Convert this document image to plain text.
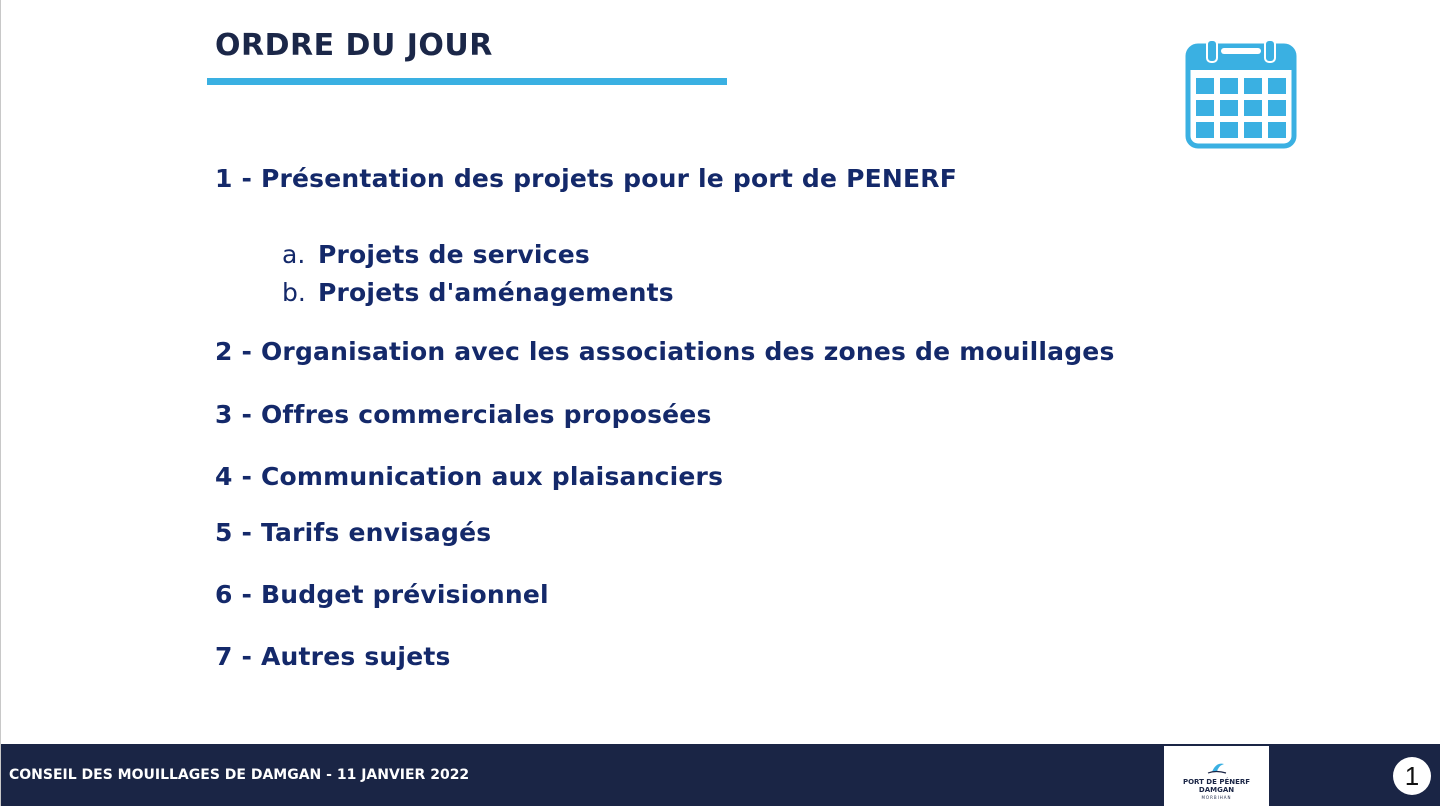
ORDRE DU JOUR
1 - Présentation des projets pour le port de PENERF
a. Projets de services
b. Projets d'aménagements
2 - Organisation avec les associations des zones de mouillages
3 - Offres commerciales proposées
4 - Communication aux plaisanciers
5 - Tarifs envisagés
6 - Budget prévisionnel
7 - Autres sujets
CONSEIL DES MOUILLAGES DE DAMGAN - 11 JANVIER 2022	PORT DE PÉNERF
DAMGAN
MORBIHAN
1
